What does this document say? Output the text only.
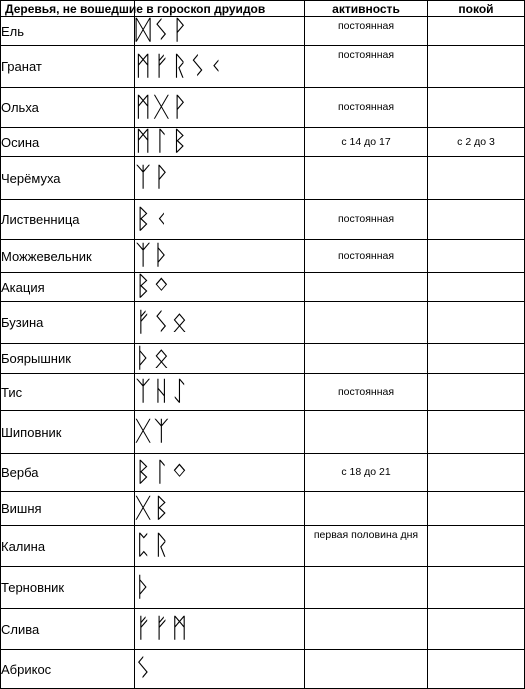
Деревья, не вошедшие в гороскоп друидов		активность	покой
Ель	ᛞᛊᚹ	постоянная	
Гранат	ᛗᚠᚱᛊᚲ	постоянная	
Ольха	ᛗᚷᚹ	постоянная	
Осина	ᛗᛚᛒ	с 14 до 17	с 2 до 3
Черёмуха	ᛉᚹ		
Лиственница	ᛒᚲ	постоянная	
Можжевельник	ᛉᚦ	постоянная	
Акация	ᛒᛜ		
Бузина	ᚠᛊᛟ		
Боярышник	ᚦᛟ		
Тис	ᛉᚺᛇ	постоянная	
Шиповник	ᚷᛉ		
Верба	ᛒᛚᛜ	с 18 до 21	
Вишня	ᚷᛒ		
Калина	ᛈᚱ	первая половина дня	
Терновник	ᚦ		
Слива	ᚠᚠᛗ		
Абрикос	ᛊ		
